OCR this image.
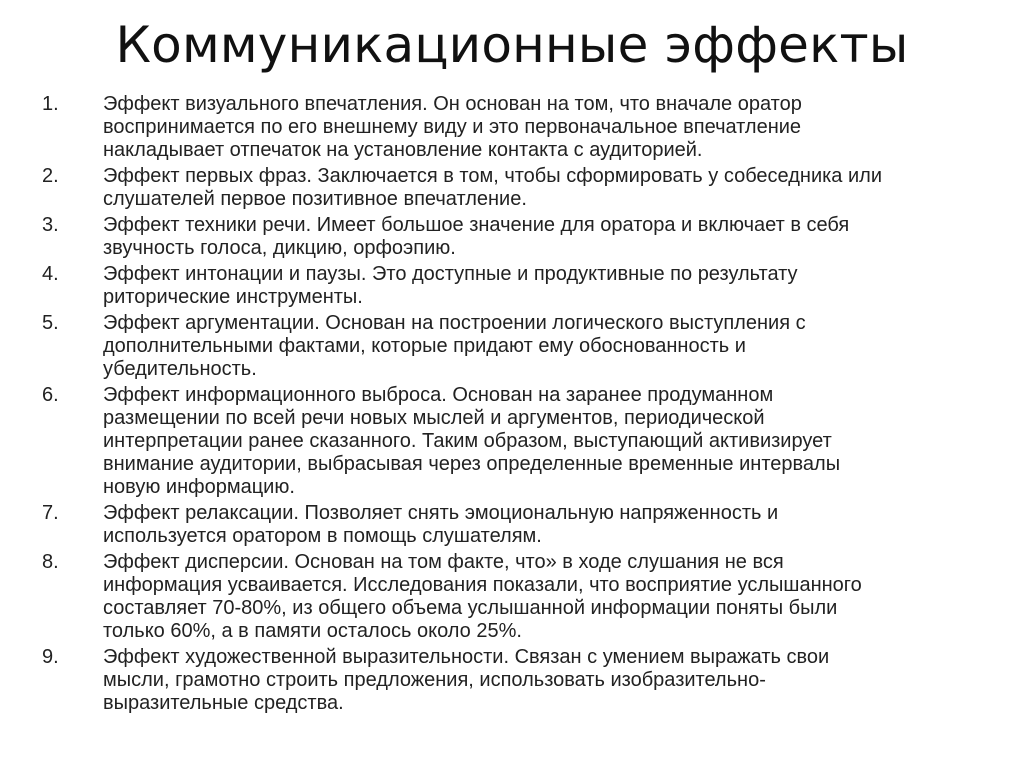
Коммуникационные эффекты
1.	Эффект визуального впечатления. Он основан на том, что вначале оратор
воспринимается по его внешнему виду и это первоначальное впечатление
накладывает отпечаток на установление контакта с аудиторией.
2.	Эффект первых фраз. Заключается в том, чтобы сформировать у собеседника или
слушателей первое позитивное впечатление.
3.	Эффект техники речи. Имеет большое значение для оратора и включает в себя
звучность голоса, дикцию, орфоэпию.
4.	Эффект интонации и паузы. Это доступные и продуктивные по результату
риторические инструменты.
5.	Эффект аргументации. Основан на построении логического выступления с
дополнительными фактами, которые придают ему обоснованность и
убедительность.
6.	Эффект информационного выброса. Основан на заранее продуманном
размещении по всей речи новых мыслей и аргументов, периодической
интерпретации ранее сказанного. Таким образом, выступающий активизирует
внимание аудитории, выбрасывая через определенные временные интервалы
новую информацию.
7.	Эффект релаксации. Позволяет снять эмоциональную напряженность и
используется оратором в помощь слушателям.
8.	Эффект дисперсии. Основан на том факте, что» в ходе слушания не вся
информация усваивается. Исследования показали, что восприятие услышанного
составляет 70-80%, из общего объема услышанной информации поняты были
только 60%, а в памяти осталось около 25%.
9.	Эффект художественной выразительности. Связан с умением выражать свои
мысли, грамотно строить предложения, использовать изобразительно-
выразительные средства.
